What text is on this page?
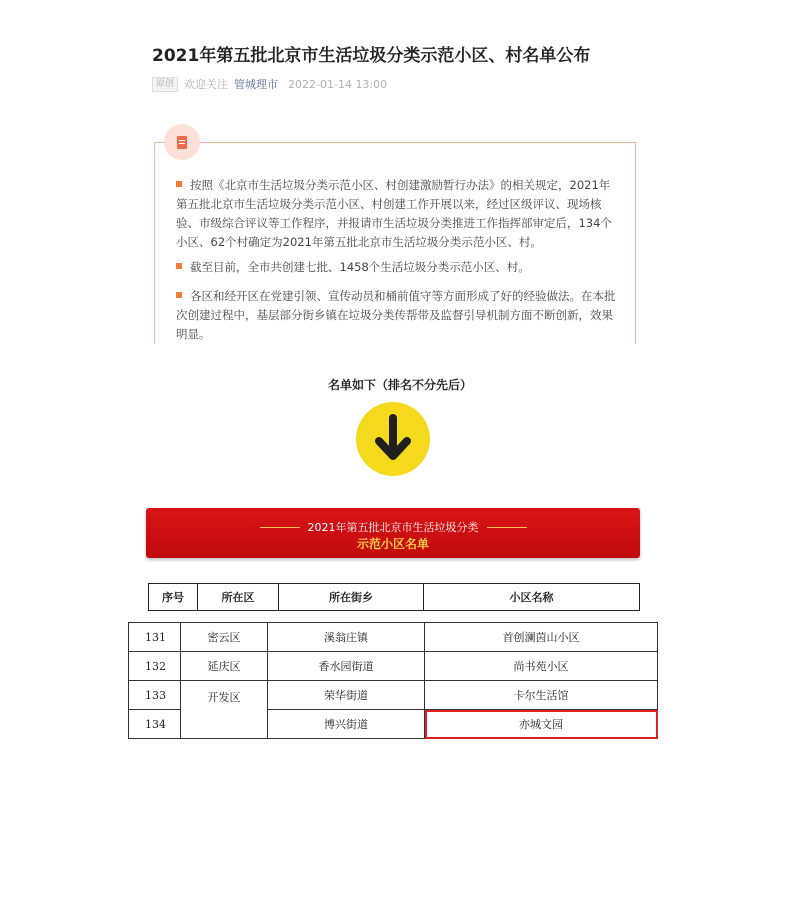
2021年第五批北京市生活垃圾分类示范小区、村名单公布
原创 欢迎关注 管城理市 2022-01-14 13:00
按照《北京市生活垃圾分类示范小区、村创建激励暂行办法》的相关规定，2021年第五批北京市生活垃圾分类示范小区、村创建工作开展以来，经过区级评议、现场核验、市级综合评议等工作程序，并报请市生活垃圾分类推进工作指挥部审定后，134个小区、62个村确定为2021年第五批北京市生活垃圾分类示范小区、村。
截至目前，全市共创建七批、1458个生活垃圾分类示范小区、村。
各区和经开区在党建引领、宣传动员和桶前值守等方面形成了好的经验做法。在本批次创建过程中，基层部分街乡镇在垃圾分类传帮带及监督引导机制方面不断创新，效果明显。
名单如下（排名不分先后）
2021年第五批北京市生活垃圾分类
示范小区名单
序号	所在区	所在街乡	小区名称
131	密云区	溪翁庄镇	首创澜茵山小区
132	延庆区	香水园街道	尚书苑小区
133	开发区	荣华街道	卡尔生活馆
134		博兴街道	亦城文园
